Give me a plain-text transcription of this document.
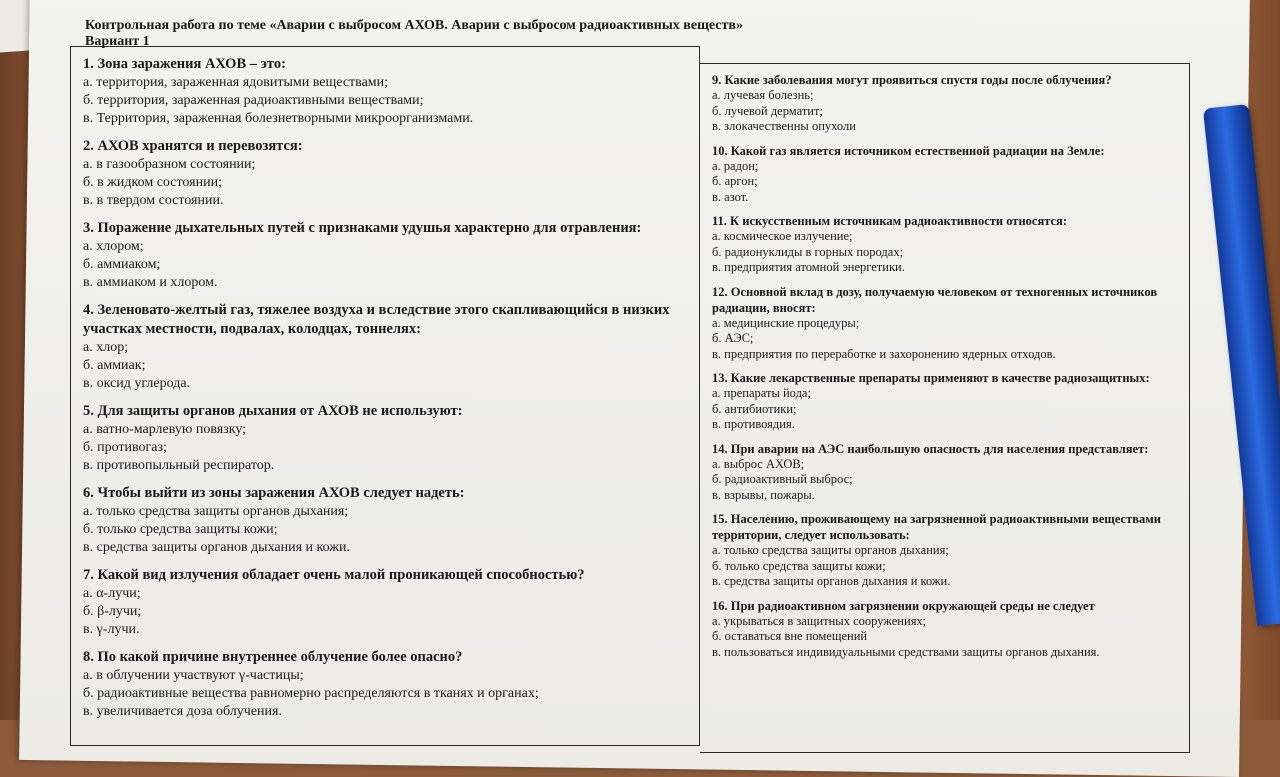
Контрольная работа по теме «Аварии с выбросом АХОВ. Аварии с выбросом радиоактивных веществ»
Вариант 1
1. Зона заражения АХОВ – это:
а. территория, зараженная ядовитыми веществами;
б. территория, зараженная радиоактивными веществами;
в. Территория, зараженная болезнетворными микроорганизмами.
2. АХОВ хранятся и перевозятся:
а. в газообразном состоянии;
б. в жидком состоянии;
в. в твердом состоянии.
3. Поражение дыхательных путей с признаками удушья характерно для отравления:
а. хлором;
б. аммиаком;
в. аммиаком и хлором.
4. Зеленовато-желтый газ, тяжелее воздуха и вследствие этого скапливающийся в низких участках местности, подвалах, колодцах, тоннелях:
а. хлор;
б. аммиак;
в. оксид углерода.
5. Для защиты органов дыхания от АХОВ не используют:
а. ватно-марлевую повязку;
б. противогаз;
в. противопыльный респиратор.
6. Чтобы выйти из зоны заражения АХОВ следует надеть:
а. только средства защиты органов дыхания;
б. только средства защиты кожи;
в. средства защиты органов дыхания и кожи.
7. Какой вид излучения обладает очень малой проникающей способностью?
а. α-лучи;
б. β-лучи;
в. γ-лучи.
8. По какой причине внутреннее облучение более опасно?
а. в облучении участвуют γ-частицы;
б. радиоактивные вещества равномерно распределяются в тканях и органах;
в. увеличивается доза облучения.
9. Какие заболевания могут проявиться спустя годы после облучения?
а. лучевая болезнь;
б. лучевой дерматит;
в. злокачественны опухоли
10. Какой газ является источником естественной радиации на Земле:
а. радон;
б. аргон;
в. азот.
11. К искусственным источникам радиоактивности относятся:
а. космическое излучение;
б. радионуклиды в горных породах;
в. предприятия атомной энергетики.
12. Основной вклад в дозу, получаемую человеком от техногенных источников радиации, вносят:
а. медицинские процедуры;
б. АЭС;
в. предприятия по переработке и захоронению ядерных отходов.
13. Какие лекарственные препараты применяют в качестве радиозащитных:
а. препараты йода;
б. антибиотики;
в. противоядия.
14. При аварии на АЭС наибольшую опасность для населения представляет:
а. выброс АХОВ;
б. радиоактивный выброс;
в. взрывы, пожары.
15. Населению, проживающему на загрязненной радиоактивными веществами территории, следует использовать:
а. только средства защиты органов дыхания;
б. только средства защиты кожи;
в. средства защиты органов дыхания и кожи.
16. При радиоактивном загрязнении окружающей среды не следует
а. укрываться в защитных сооружениях;
б. оставаться вне помещений
в. пользоваться индивидуальными средствами защиты органов дыхания.
